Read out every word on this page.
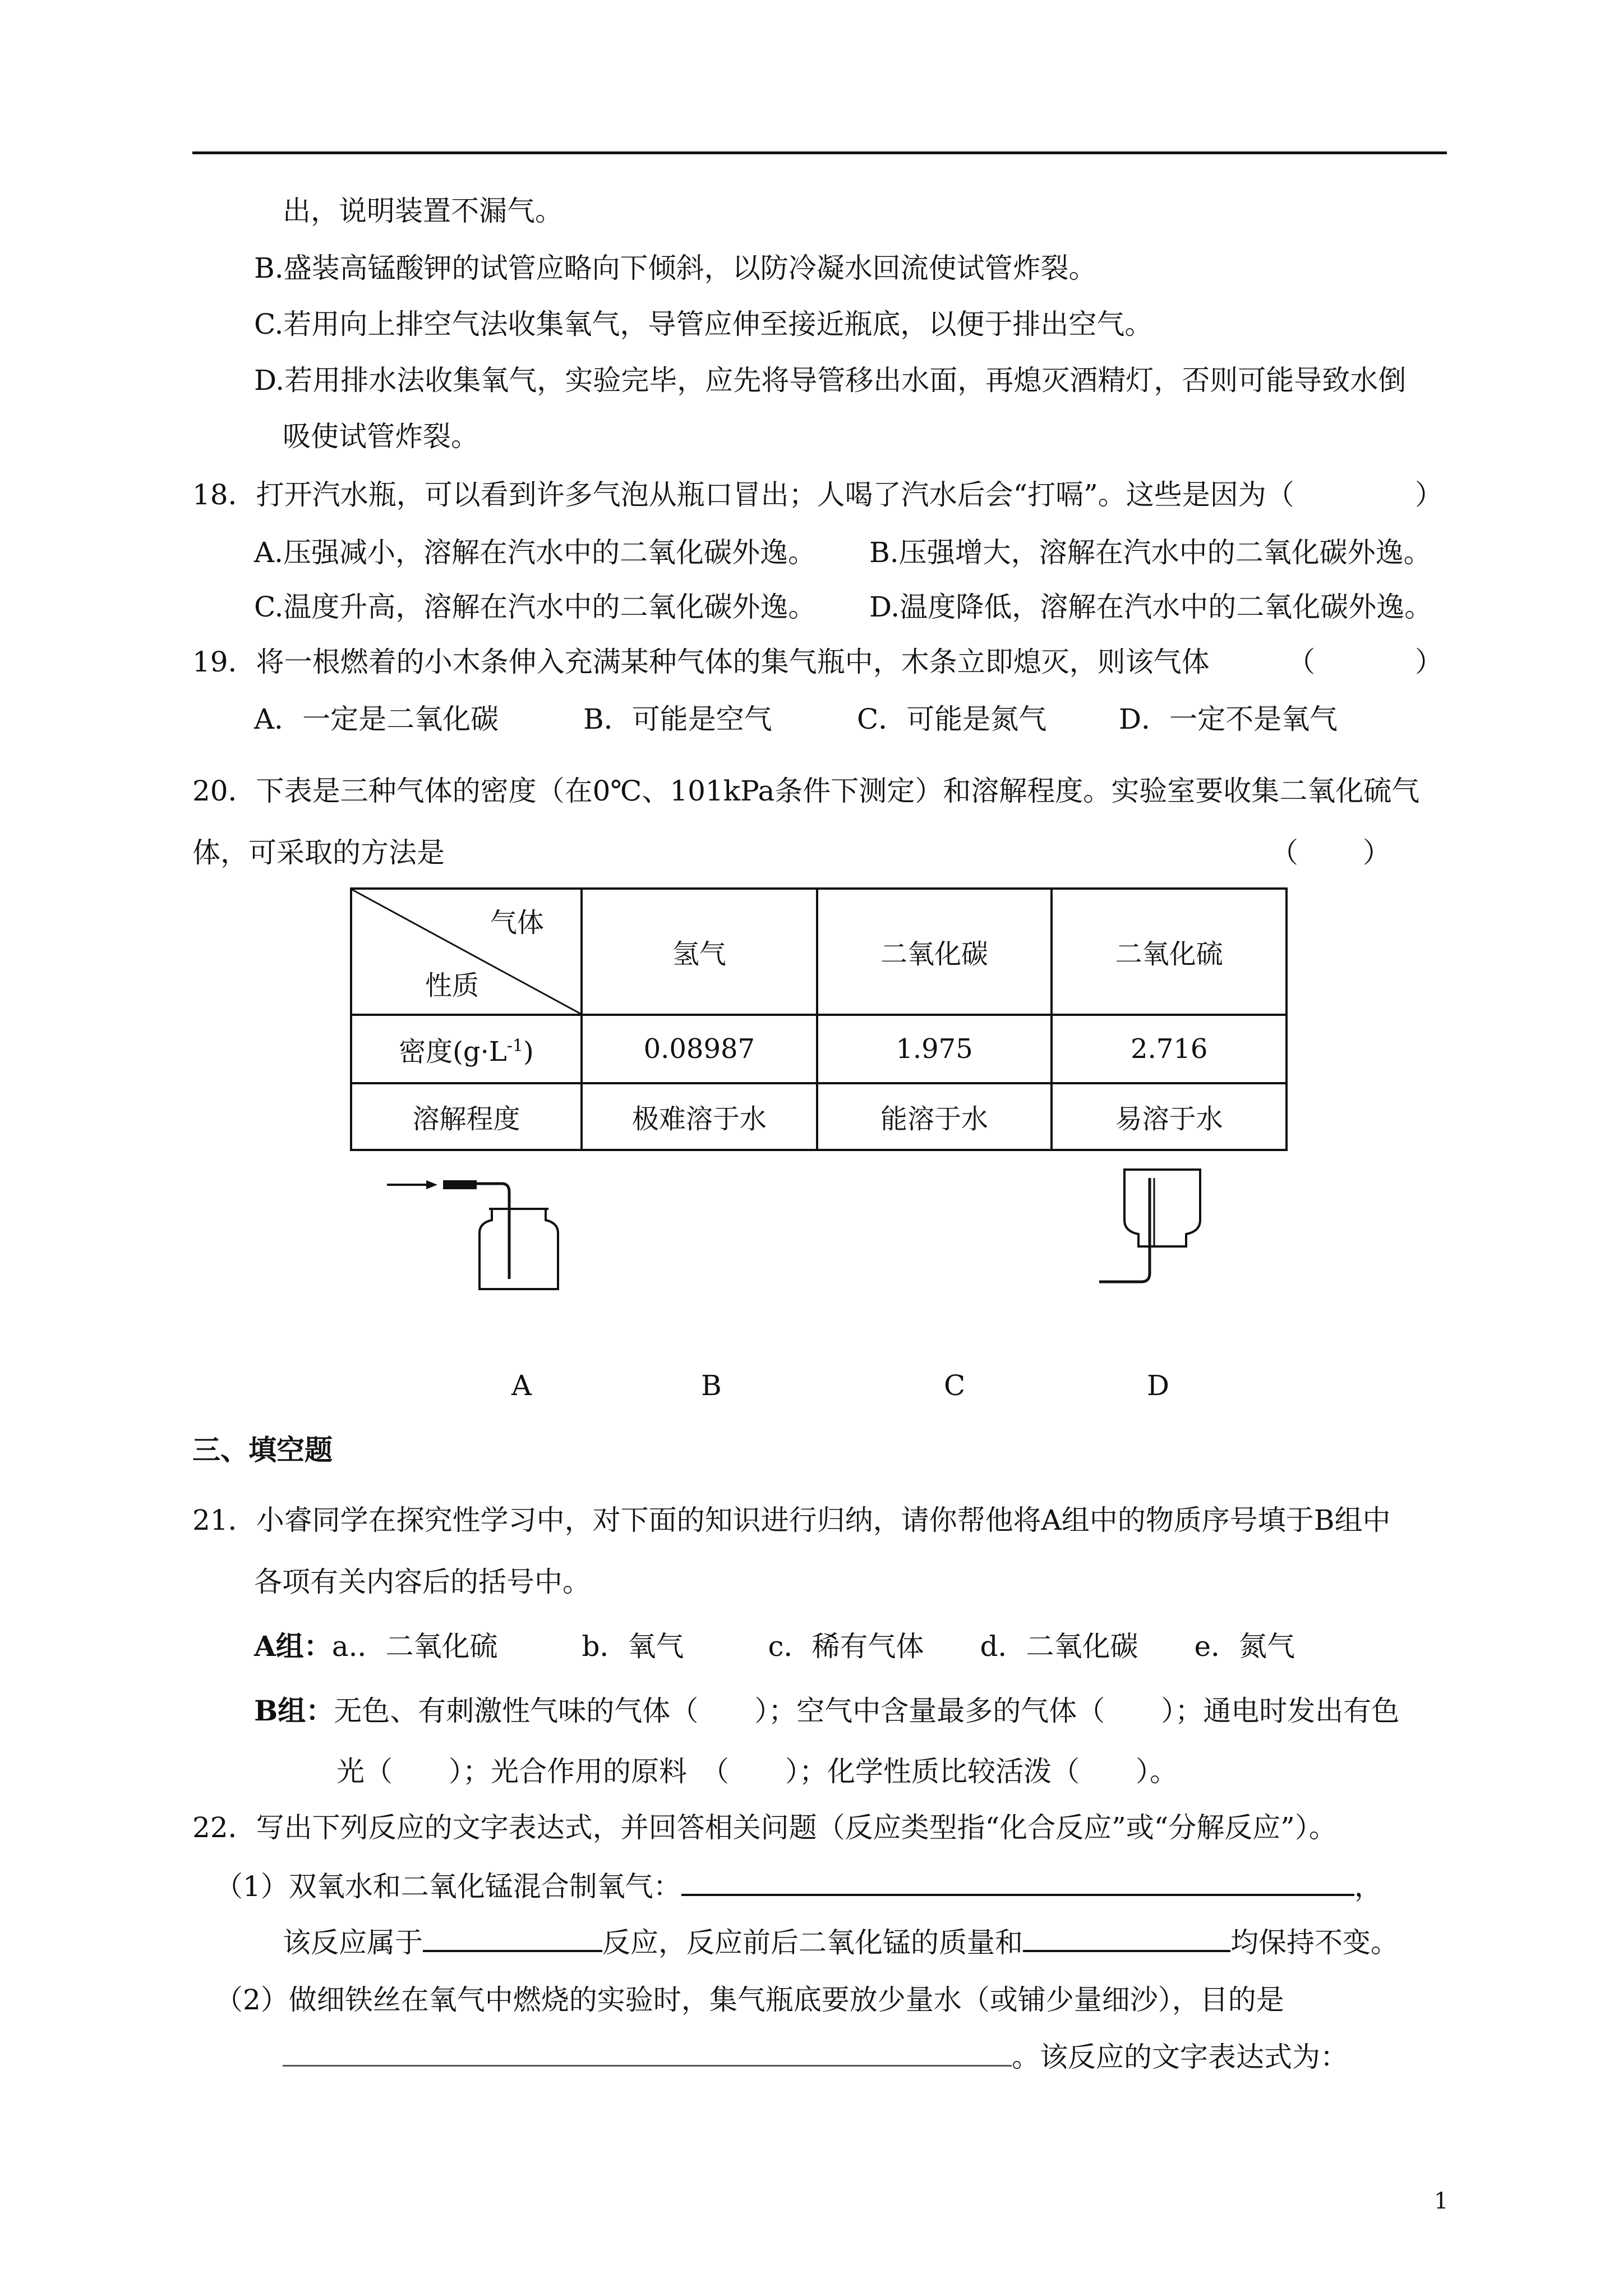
出，说明装置不漏气。
B.盛装高锰酸钾的试管应略向下倾斜，以防冷凝水回流使试管炸裂。
C.若用向上排空气法收集氧气，导管应伸至接近瓶底，以便于排出空气。
D.若用排水法收集氧气，实验完毕，应先将导管移出水面，再熄灭酒精灯，否则可能导致水倒
吸使试管炸裂。
18．打开汽水瓶，可以看到许多气泡从瓶口冒出；人喝了汽水后会“打嗝”。这些是因为（	）
A.压强减小，溶解在汽水中的二氧化碳外逸。 B.压强增大，溶解在汽水中的二氧化碳外逸。
C.温度升高，溶解在汽水中的二氧化碳外逸。 D.温度降低，溶解在汽水中的二氧化碳外逸。
19．将一根燃着的小木条伸入充满某种气体的集气瓶中，木条立即熄灭，则该气体	（	）
A．一定是二氧化碳	B．可能是空气	C．可能是氮气	D．一定不是氧气
20．下表是三种气体的密度（在0℃、101kPa条件下测定）和溶解程度。实验室要收集二氧化硫气
体，可采取的方法是	（ ）
气体
性质	氢气	二氧化碳	二氧化硫
密度$(g\cdot L^{-1})$	0.08987	1.975	2.716
溶解程度	极难溶于水	能溶于水	易溶于水
A	B	C	D
三、填空题
21．小睿同学在探究性学习中，对下面的知识进行归纳，请你帮他将A组中的物质序号填于B组中
各项有关内容后的括号中。
A组：a.．二氧化硫　　　b．氧气　　　c．稀有气体　　d．二氧化碳　　e．氮气
B组：无色、有刺激性气味的气体（　　）；空气中含量最多的气体（　　）；通电时发出有色
光（　　）；光合作用的原料　（　　）；化学性质比较活泼（　　）。
22．写出下列反应的文字表达式，并回答相关问题（反应类型指“化合反应”或“分解反应”）。
（1）双氧水和二氧化锰混合制氧气：	，
该反应属于	反应，反应前后二氧化锰的质量和	均保持不变。
（2）做细铁丝在氧气中燃烧的实验时，集气瓶底要放少量水（或铺少量细沙），目的是
。该反应的文字表达式为：
1
